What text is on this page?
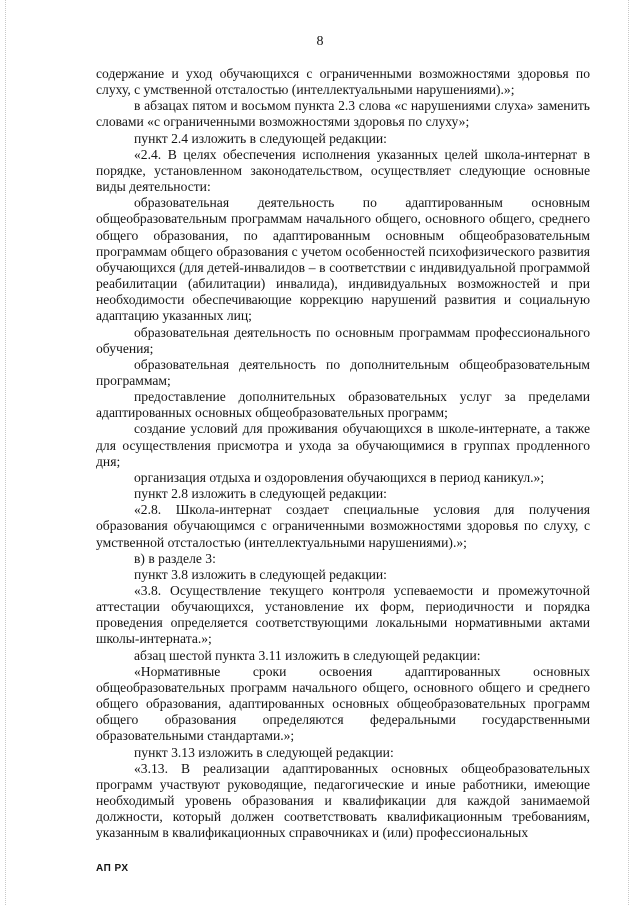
8

содержание и уход обучающихся с ограниченными возможностями здоровья по слуху, с умственной отсталостью (интеллектуальными нарушениями).»;

в абзацах пятом и восьмом пункта 2.3 слова «с нарушениями слуха» заменить словами «с ограниченными возможностями здоровья по слуху»;

пункт 2.4 изложить в следующей редакции:

«2.4. В целях обеспечения исполнения указанных целей школа-интернат в порядке, установленном законодательством, осуществляет следующие основные виды деятельности:

образовательная деятельность по адаптированным основным общеобразовательным программам начального общего, основного общего, среднего общего образования, по адаптированным основным общеобразовательным программам общего образования с учетом особенностей психофизического развития обучающихся (для детей-инвалидов – в соответствии с индивидуальной программой реабилитации (абилитации) инвалида), индивидуальных возможностей и при необходимости обеспечивающие коррекцию нарушений развития и социальную адаптацию указанных лиц;

образовательная деятельность по основным программам профессионального обучения;

образовательная деятельность по дополнительным общеобразовательным программам;

предоставление дополнительных образовательных услуг за пределами адаптированных основных общеобразовательных программ;

создание условий для проживания обучающихся в школе-интернате, а также для осуществления присмотра и ухода за обучающимися в группах продленного дня;

организация отдыха и оздоровления обучающихся в период каникул.»;

пункт 2.8 изложить в следующей редакции:

«2.8. Школа-интернат создает специальные условия для получения образования обучающимся с ограниченными возможностями здоровья по слуху, с умственной отсталостью (интеллектуальными нарушениями).»;

в) в разделе 3:

пункт 3.8 изложить в следующей редакции:

«3.8. Осуществление текущего контроля успеваемости и промежуточной аттестации обучающихся, установление их форм, периодичности и порядка проведения определяется соответствующими локальными нормативными актами школы-интерната.»;

абзац шестой пункта 3.11 изложить в следующей редакции:

«Нормативные сроки освоения адаптированных основных общеобразовательных программ начального общего, основного общего и среднего общего образования, адаптированных основных общеобразовательных программ общего образования определяются федеральными государственными образовательными стандартами.»;

пункт 3.13 изложить в следующей редакции:

«3.13. В реализации адаптированных основных общеобразовательных программ участвуют руководящие, педагогические и иные работники, имеющие необходимый уровень образования и квалификации для каждой занимаемой должности, который должен соответствовать квалификационным требованиям, указанным в квалификационных справочниках и (или) профессиональных

АП РХ
